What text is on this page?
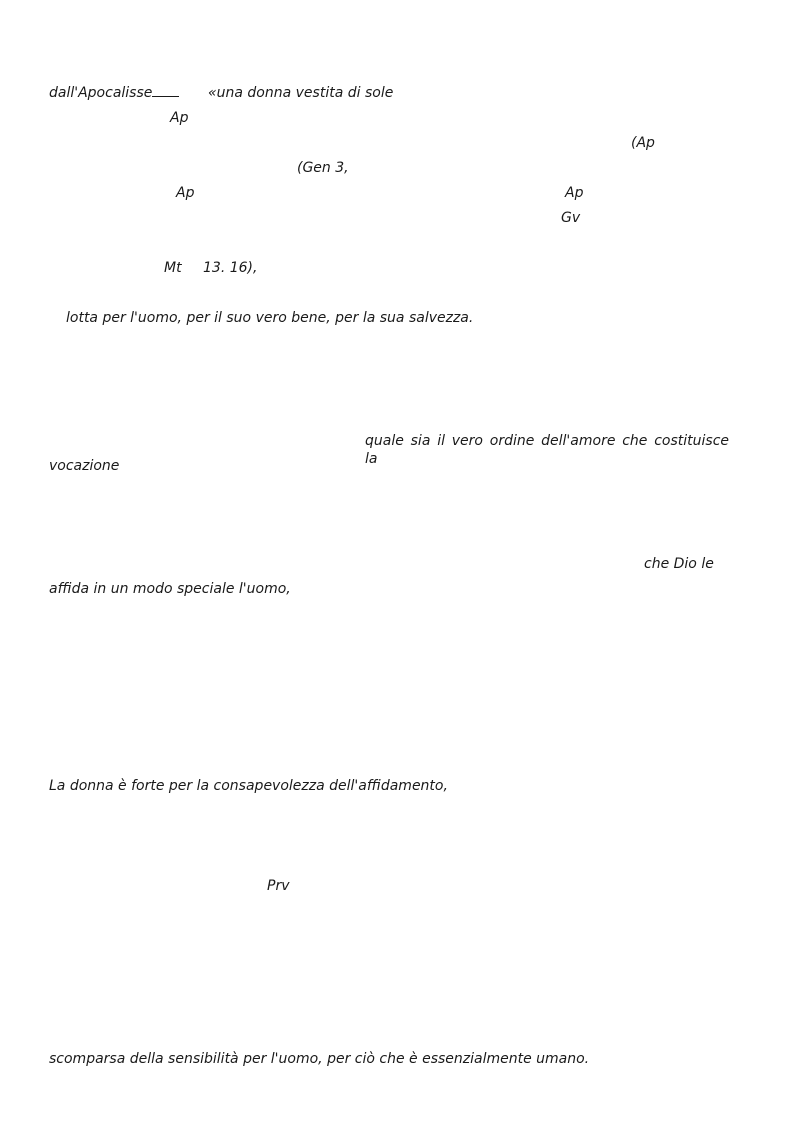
dall'Apocalisse	«una donna vestita di sole
Ap
(Ap
(Gen 3,
Ap	Ap
Gv
Mt 13. 16),
lotta per l'uomo, per il suo vero bene, per la sua salvezza.
quale sia il vero ordine dell'amore che costituisce la
vocazione
che Dio le
affida in un modo speciale l'uomo,
La donna è forte per la consapevolezza dell'affidamento,
Prv
scomparsa della sensibilità per l'uomo, per ciò che è essenzialmente umano.
